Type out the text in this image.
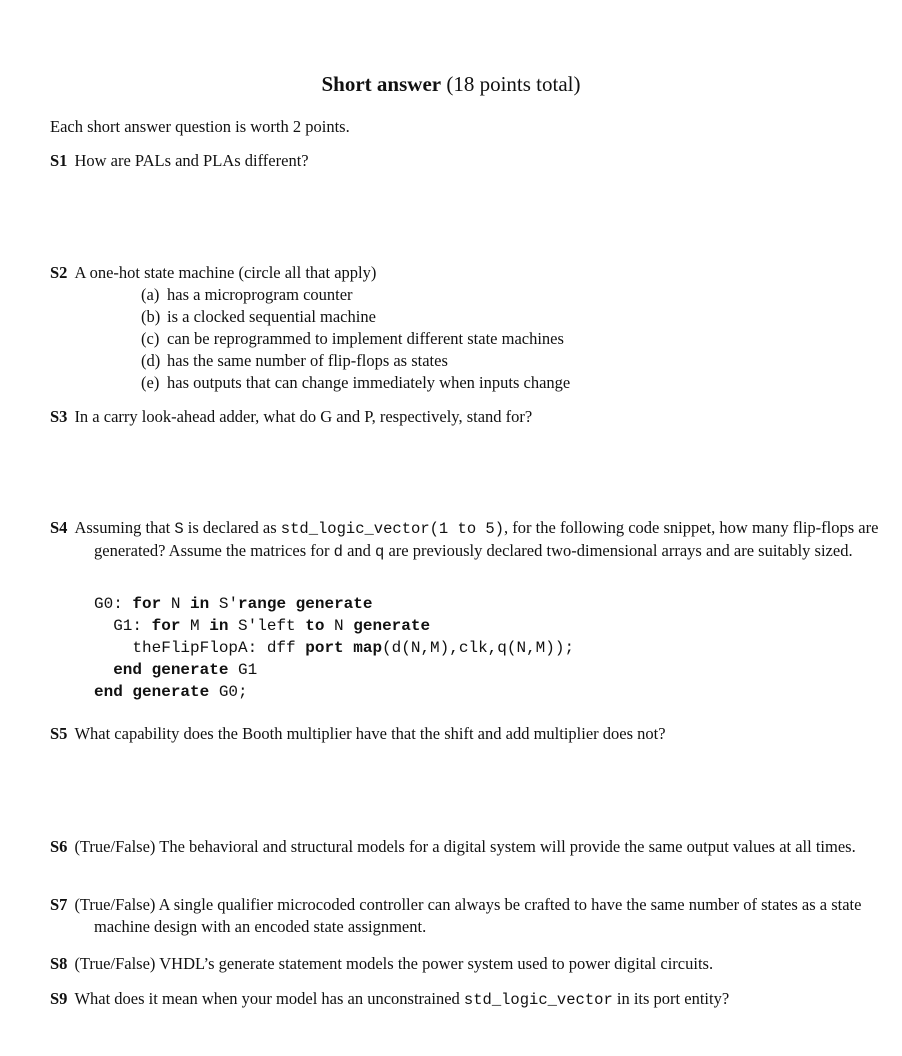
Short answer (18 points total)
Each short answer question is worth 2 points.
S1 How are PALs and PLAs different?
S2 A one-hot state machine (circle all that apply)
(a) has a microprogram counter
(b) is a clocked sequential machine
(c) can be reprogrammed to implement different state machines
(d) has the same number of flip-flops as states
(e) has outputs that can change immediately when inputs change
S3 In a carry look-ahead adder, what do G and P, respectively, stand for?
S4 Assuming that S is declared as std_logic_vector(1 to 5), for the following code snippet, how many flip-flops are generated? Assume the matrices for d and q are previously declared two-dimensional arrays and are suitably sized.
G0: for N in S'range generate
G1: for M in S'left to N generate
theFlipFlopA: dff port map(d(N,M),clk,q(N,M));
end generate G1
end generate G0;
S5 What capability does the Booth multiplier have that the shift and add multiplier does not?
S6 (True/False) The behavioral and structural models for a digital system will provide the same output values at all times.
S7 (True/False) A single qualifier microcoded controller can always be crafted to have the same number of states as a state machine design with an encoded state assignment.
S8 (True/False) VHDL’s generate statement models the power system used to power digital circuits.
S9 What does it mean when your model has an unconstrained std_logic_vector in its port entity?
